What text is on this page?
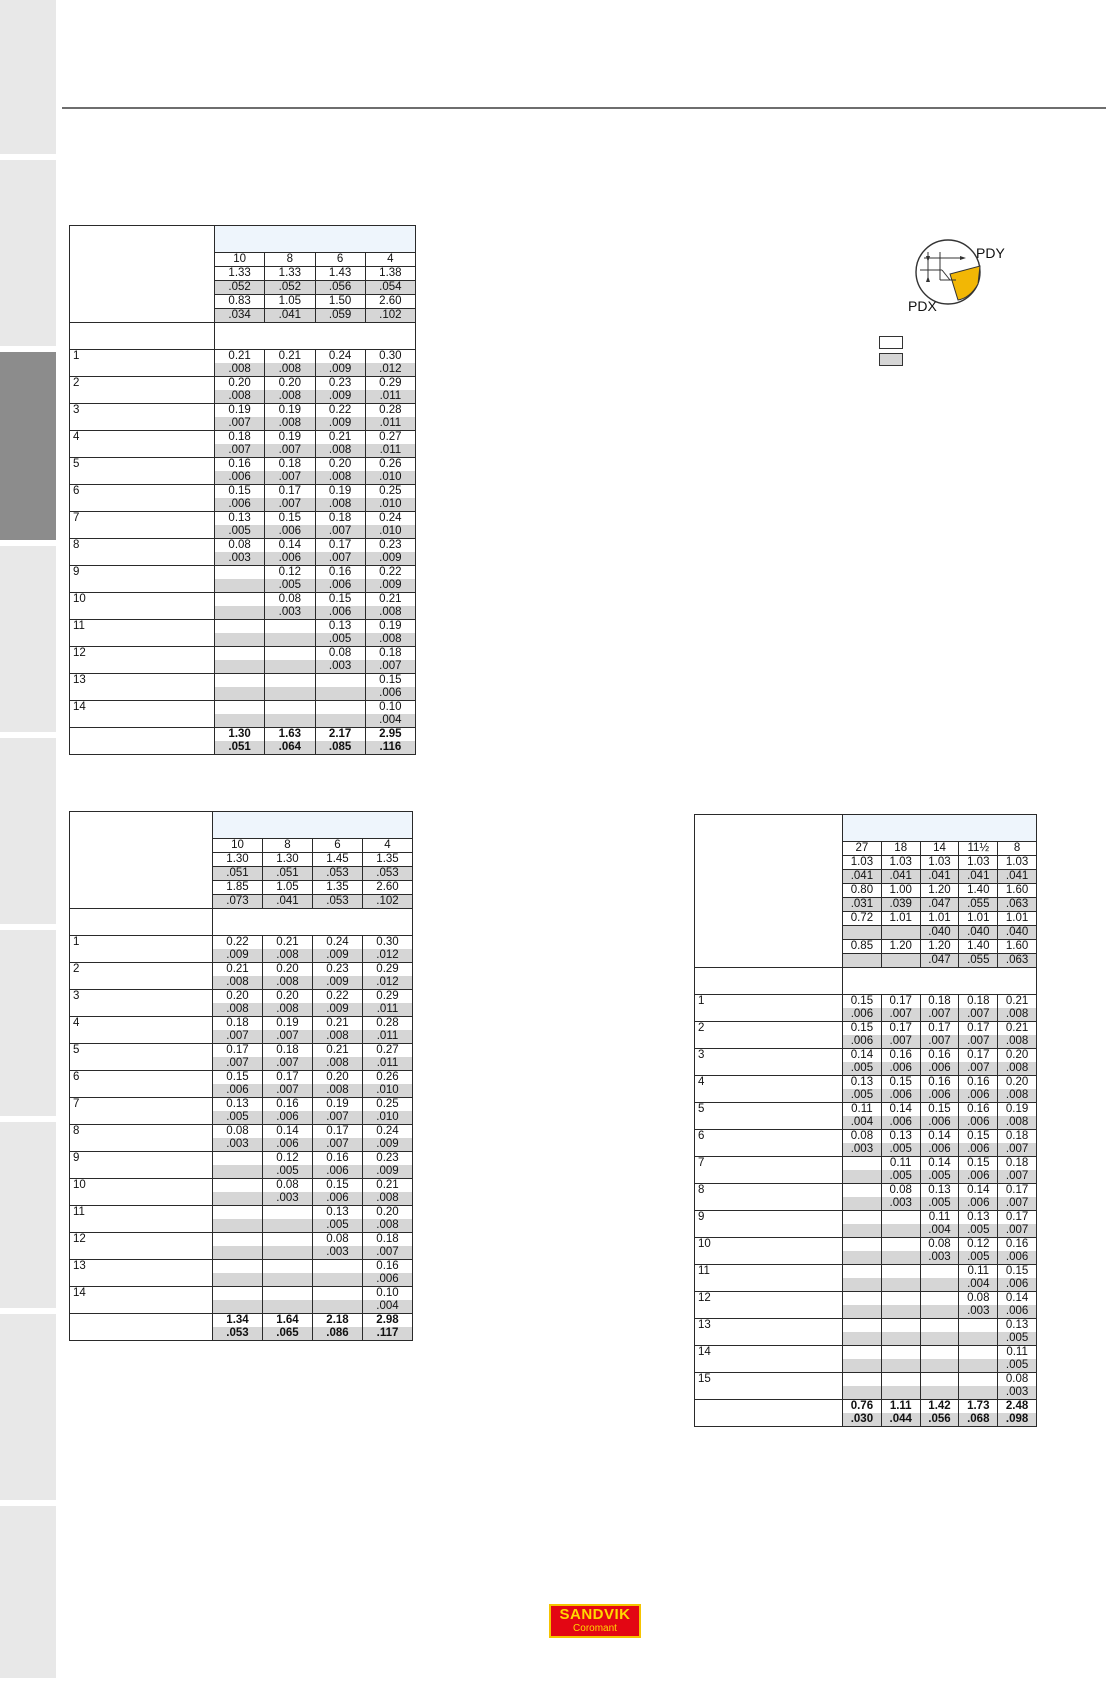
	10	8	6	4
	1.33	1.33	1.43	1.38
	.052	.052	.056	.054
	0.83	1.05	1.50	2.60
	.034	.041	.059	.102

1	0.21	0.21	0.24	0.30
	.008	.008	.009	.012
2	0.20	0.20	0.23	0.29
	.008	.008	.009	.011
3	0.19	0.19	0.22	0.28
	.007	.008	.009	.011
4	0.18	0.19	0.21	0.27
	.007	.007	.008	.011
5	0.16	0.18	0.20	0.26
	.006	.007	.008	.010
6	0.15	0.17	0.19	0.25
	.006	.007	.008	.010
7	0.13	0.15	0.18	0.24
	.005	.006	.007	.010
8	0.08	0.14	0.17	0.23
	.003	.006	.007	.009
9		0.12	0.16	0.22
		.005	.006	.009
10		0.08	0.15	0.21
		.003	.006	.008
11			0.13	0.19
			.005	.008
12			0.08	0.18
			.003	.007
13				0.15
				.006
14				0.10
				.004
	1.30	1.63	2.17	2.95
	.051	.064	.085	.116

	10	8	6	4
	1.30	1.30	1.45	1.35
	.051	.051	.053	.053
	1.85	1.05	1.35	2.60
	.073	.041	.053	.102

1	0.22	0.21	0.24	0.30
	.009	.008	.009	.012
2	0.21	0.20	0.23	0.29
	.008	.008	.009	.012
3	0.20	0.20	0.22	0.29
	.008	.008	.009	.011
4	0.18	0.19	0.21	0.28
	.007	.007	.008	.011
5	0.17	0.18	0.21	0.27
	.007	.007	.008	.011
6	0.15	0.17	0.20	0.26
	.006	.007	.008	.010
7	0.13	0.16	0.19	0.25
	.005	.006	.007	.010
8	0.08	0.14	0.17	0.24
	.003	.006	.007	.009
9		0.12	0.16	0.23
		.005	.006	.009
10		0.08	0.15	0.21
		.003	.006	.008
11			0.13	0.20
			.005	.008
12			0.08	0.18
			.003	.007
13				0.16
				.006
14				0.10
				.004
	1.34	1.64	2.18	2.98
	.053	.065	.086	.117

	27	18	14	11½	8
	1.03	1.03	1.03	1.03	1.03
	.041	.041	.041	.041	.041
	0.80	1.00	1.20	1.40	1.60
	.031	.039	.047	.055	.063
	0.72	1.01	1.01	1.01	1.01
			.040	.040	.040
	0.85	1.20	1.20	1.40	1.60
			.047	.055	.063

1	0.15	0.17	0.18	0.18	0.21
	.006	.007	.007	.007	.008
2	0.15	0.17	0.17	0.17	0.21
	.006	.007	.007	.007	.008
3	0.14	0.16	0.16	0.17	0.20
	.005	.006	.006	.007	.008
4	0.13	0.15	0.16	0.16	0.20
	.005	.006	.006	.006	.008
5	0.11	0.14	0.15	0.16	0.19
	.004	.006	.006	.006	.008
6	0.08	0.13	0.14	0.15	0.18
	.003	.005	.006	.006	.007
7		0.11	0.14	0.15	0.18
		.005	.005	.006	.007
8		0.08	0.13	0.14	0.17
		.003	.005	.006	.007
9			0.11	0.13	0.17
			.004	.005	.007
10			0.08	0.12	0.16
			.003	.005	.006
11				0.11	0.15
				.004	.006
12				0.08	0.14
				.003	.006
13					0.13
					.005
14					0.11
					.005
15					0.08
					.003
	0.76	1.11	1.42	1.73	2.48
	.030	.044	.056	.068	.098
PDY
PDX
SANDVIK
Coromant
